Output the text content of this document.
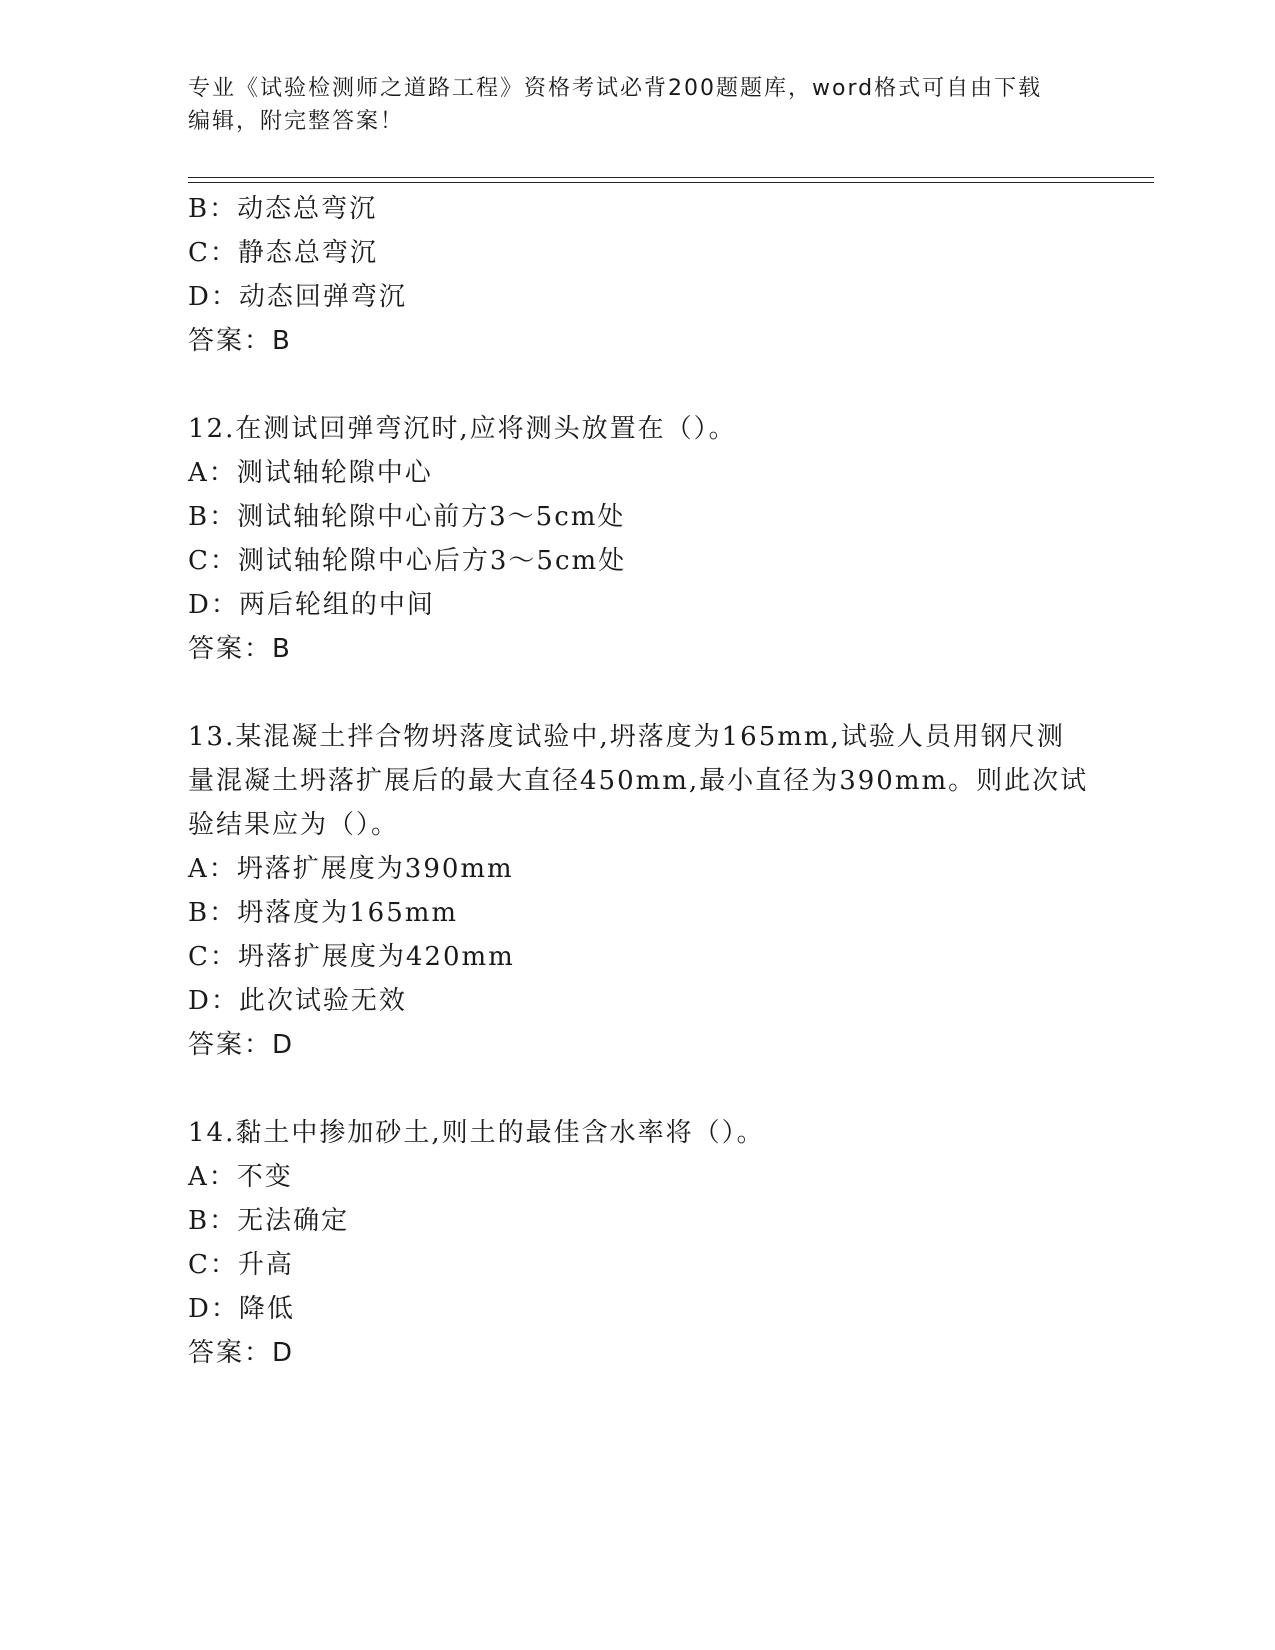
专业《试验检测师之道路工程》资格考试必背200题题库，word格式可自由下载
编辑，附完整答案！
B：动态总弯沉
C：静态总弯沉
D：动态回弹弯沉
答案：B
12.在测试回弹弯沉时,应将测头放置在（）。
A：测试轴轮隙中心
B：测试轴轮隙中心前方3～5cm处
C：测试轴轮隙中心后方3～5cm处
D：两后轮组的中间
答案：B
13.某混凝土拌合物坍落度试验中,坍落度为165mm,试验人员用钢尺测
量混凝土坍落扩展后的最大直径450mm,最小直径为390mm。则此次试
验结果应为（）。
A：坍落扩展度为390mm
B：坍落度为165mm
C：坍落扩展度为420mm
D：此次试验无效
答案：D
14.黏土中掺加砂土,则土的最佳含水率将（）。
A：不变
B：无法确定
C：升高
D：降低
答案：D
